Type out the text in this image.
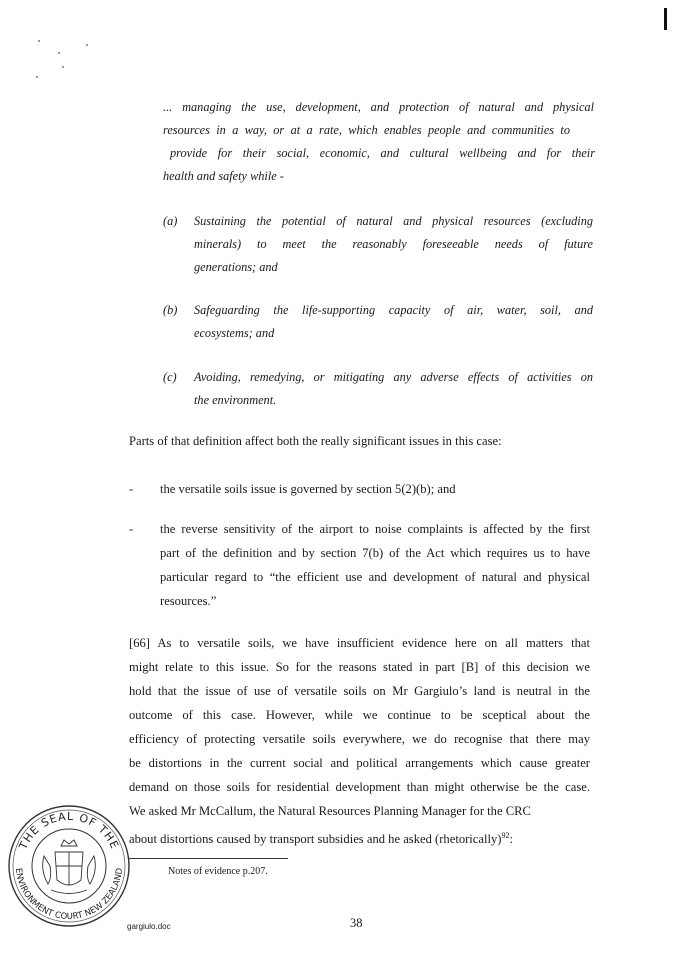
... managing the use, development, and protection of natural and physical
resources in a way, or at a rate, which enables people and communities to
provide for their social, economic, and cultural wellbeing and for their
health and safety while -
(a) Sustaining the potential of natural and physical resources (excluding
minerals) to meet the reasonably foreseeable needs of future
generations; and
(b) Safeguarding the life-supporting capacity of air, water, soil, and
ecosystems; and
(c) Avoiding, remedying, or mitigating any adverse effects of activities on
the environment.
Parts of that definition affect both the really significant issues in this case:
- the versatile soils issue is governed by section 5(2)(b); and
- the reverse sensitivity of the airport to noise complaints is affected by the first
part of the definition and by section 7(b) of the Act which requires us to have
particular regard to “the efficient use and development of natural and physical
resources.”
[66] As to versatile soils, we have insufficient evidence here on all matters that
might relate to this issue. So for the reasons stated in part [B] of this decision we
hold that the issue of use of versatile soils on Mr Gargiulo’s land is neutral in the
outcome of this case. However, while we continue to be sceptical about the
efficiency of protecting versatile soils everywhere, we do recognise that there may
be distortions in the current social and political arrangements which cause greater
demand on those soils for residential development than might otherwise be the case.
We asked Mr McCallum, the Natural Resources Planning Manager for the CRC
about distortions caused by transport subsidies and he asked (rhetorically)$^{92}$:
Notes of evidence p.207.
gargiulo.doc	38
THE SEAL OF THE
ENVIRONMENT COURT NEW ZEALAND
